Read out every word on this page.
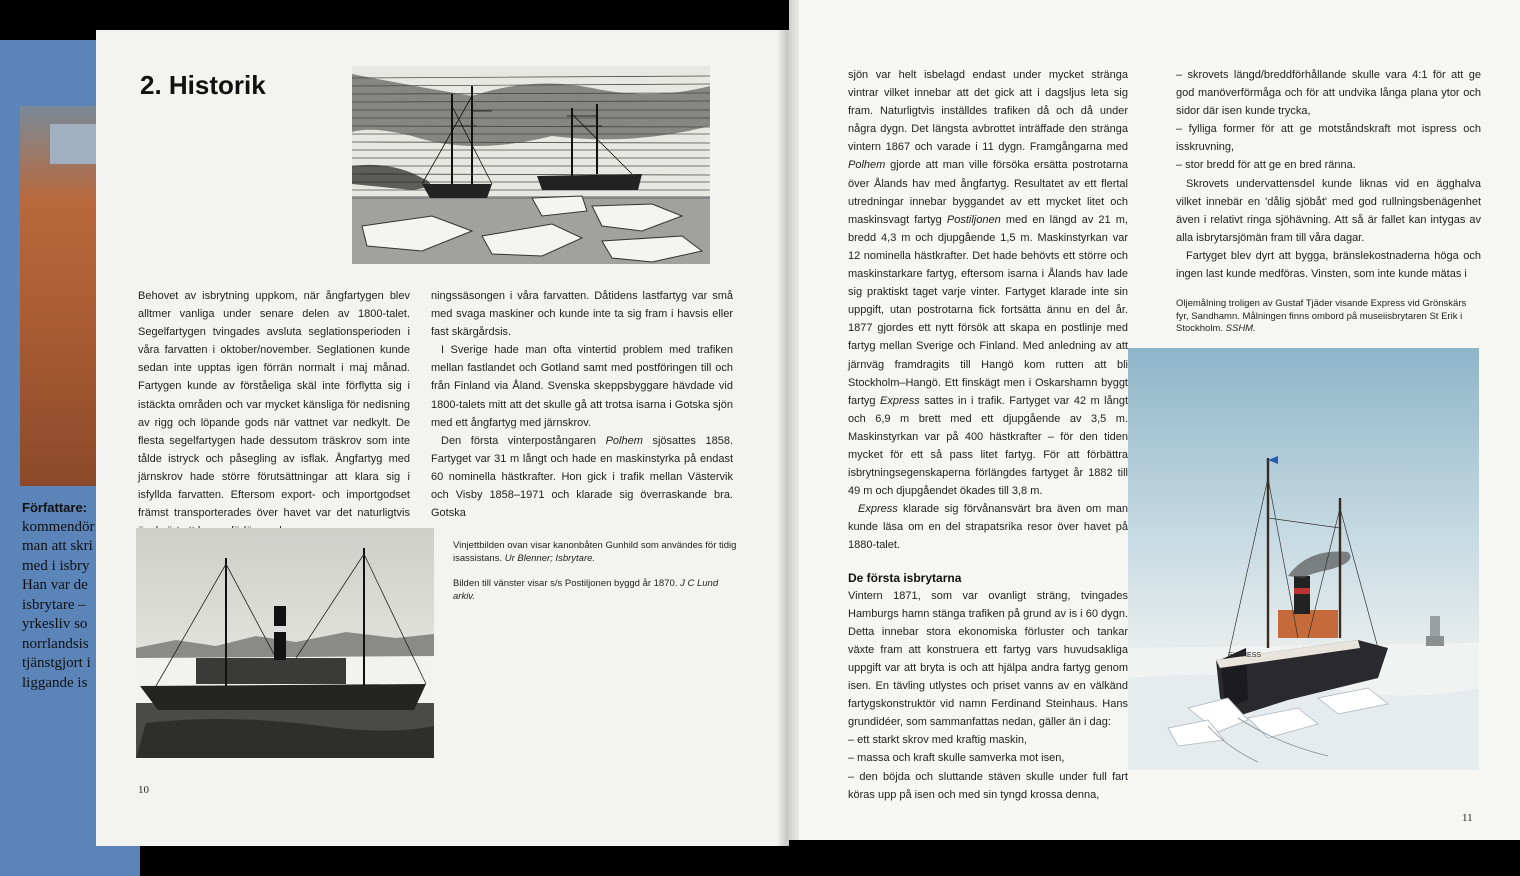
Författare:
kommendör
man att skri
med i isbry
Han var de
isbrytare –
yrkesliv so
norrlandsis
tjänstgjort i
liggande is
2. Historik

Behovet av isbrytning uppkom, när ångfartygen blev alltmer vanliga under senare delen av 1800-talet. Segelfartygen tvingades avsluta seglationsperioden i våra farvatten i oktober/november. Seglationen kunde sedan inte upptas igen förrän normalt i maj månad. Fartygen kunde av förståeliga skäl inte förflytta sig i istäckta områden och var mycket känsliga för nedisning av rigg och löpande gods när vattnet var nedkylt. De flesta segelfartygen hade dessutom träskrov som inte tålde istryck och påsegling av isflak. Ångfartyg med järnskrov hade större förutsättningar att klara sig i isfyllda farvatten. Eftersom export- och importgodset främst transporterades över havet var det naturligtvis

ningssäsongen i våra farvatten. Dåtidens lastfartyg var små med svaga maskiner och kunde inte ta sig fram i havsis eller fast skärgårdsis.

I Sverige hade man ofta vintertid problem med trafiken mellan fastlandet och Gotland samt med postföringen till och från Finland via Åland. Svenska skeppsbyggare hävdade vid 1800-talets mitt att det skulle gå att trotsa isarna i Gotska sjön med ett ångfartyg med järnskrov.

Den första vinterpostångaren Polhem sjösattes 1858. Fartyget var 31 m långt och hade en maskinstyrka på endast 60 nominella hästkrafter. Hon gick i trafik mellan Västervik och Visby 1858–1971 och klarade sig överraskande bra. Gotska

Vinjettbilden ovan visar kanonbåten Gunhild som användes för tidig isassistans. Ur Blenner; Isbrytare.
Bilden till vänster visar s/s Postiljonen byggd år 1870. J C Lund arkiv.
10

sjön var helt isbelagd endast under mycket stränga vintrar vilket innebar att det gick att i dagsljus leta sig fram. Naturligtvis inställdes trafiken då och då under några dygn. Det längsta avbrottet inträffade den stränga vintern 1867 och varade i 11 dygn. Framgångarna med Polhem gjorde att man ville försöka ersätta postrotarna över Ålands hav med ångfartyg. Resultatet av ett flertal utredningar innebar byggandet av ett mycket litet och maskinsvagt fartyg Postiljonen med en längd av 21 m, bredd 4,3 m och djupgående 1,5 m. Maskinstyrkan var 12 nominella hästkrafter. Det hade behövts ett större och maskinstarkare fartyg, eftersom isarna i Ålands hav lade sig praktiskt taget varje vinter. Fartyget klarade inte sin uppgift, utan postrotarna fick fortsätta ännu en del år. 1877 gjordes ett nytt försök att skapa en postlinje med fartyg mellan Sverige och Finland. Med anledning av att järnväg framdragits till Hangö kom rutten att bli Stockholm–Hangö. Ett finskägt men i Oskarshamn byggt fartyg Express sattes in i trafik. Fartyget var 42 m långt och 6,9 m brett med ett djupgående av 3,5 m. Maskinstyrkan var på 400 hästkrafter – för den tiden mycket för ett så pass litet fartyg. För att förbättra isbrytningsegenskaperna förlängdes fartyget år 1882 till 49 m och djupgåendet ökades till 3,8 m.

Express klarade sig förvånansvärt bra även om man kunde läsa om en del strapatsrika resor över havet på 1880-talet.

De första isbrytarna

Vintern 1871, som var ovanligt sträng, tvingades Hamburgs hamn stänga trafiken på grund av is i 60 dygn. Detta innebar stora ekonomiska förluster och tankar växte fram att konstruera ett fartyg vars huvudsakliga uppgift var att bryta is och att hjälpa andra fartyg genom isen. En tävling utlystes och priset vanns av en välkänd fartygskonstruktör vid namn Ferdinand Steinhaus. Hans grundidéer, som sammanfattas nedan, gäller än i dag:

– ett starkt skrov med kraftig maskin,

– massa och kraft skulle samverka mot isen,

– den böjda och sluttande stäven skulle under full fart köras upp på isen och med sin tyngd krossa denna,

– skrovets längd/breddförhållande skulle vara 4:1 för att ge god manöverförmåga och för att undvika långa plana ytor och sidor där isen kunde trycka,

– fylliga former för att ge motståndskraft mot ispress och isskruvning,

– stor bredd för att ge en bred ränna.

Skrovets undervattensdel kunde liknas vid en ägghalva vilket innebär en 'dålig sjöbåt' med god rullningsbenägenhet även i relativt ringa sjöhävning. Att så är fallet kan intygas av alla isbrytarsjömän fram till våra dagar.

Fartyget blev dyrt att bygga, bränslekostnaderna höga och ingen last kunde medföras. Vinsten, som inte kunde mätas i

Oljemålning troligen av Gustaf Tjäder visande Express vid Grönskärs fyr, Sandhamn. Målningen finns ombord på museiisbrytaren St Erik i Stockholm. SSHM.
EXPRESS
11
